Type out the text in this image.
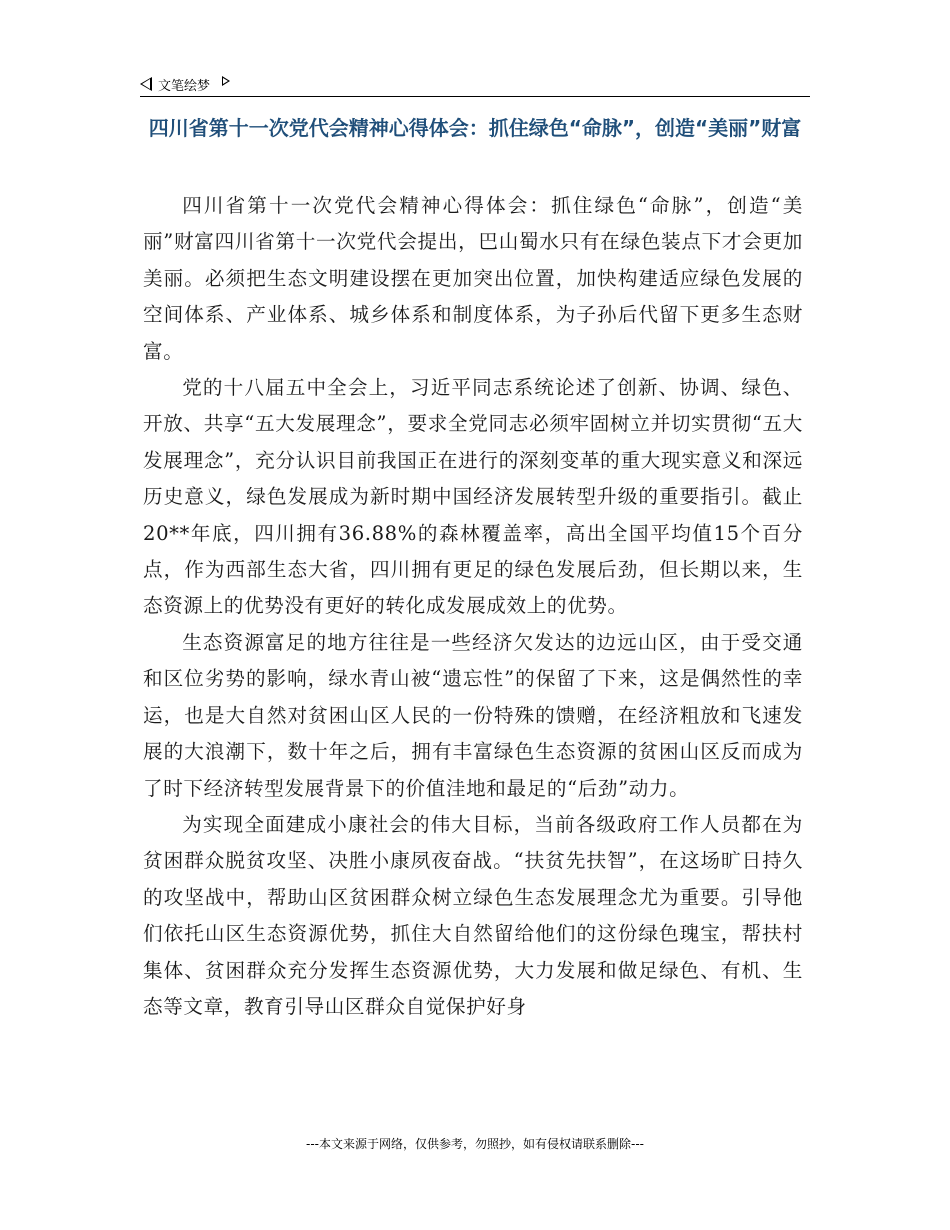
文笔绘梦
四川省第十一次党代会精神心得体会：抓住绿色“命脉”，创造“美丽”财富

四川省第十一次党代会精神心得体会：抓住绿色“命脉”，创造“美丽”财富四川省第十一次党代会提出，巴山蜀水只有在绿色装点下才会更加美丽。必须把生态文明建设摆在更加突出位置，加快构建适应绿色发展的空间体系、产业体系、城乡体系和制度体系，为子孙后代留下更多生态财富。

党的十八届五中全会上，习近平同志系统论述了创新、协调、绿色、开放、共享“五大发展理念”，要求全党同志必须牢固树立并切实贯彻“五大发展理念”，充分认识目前我国正在进行的深刻变革的重大现实意义和深远历史意义，绿色发展成为新时期中国经济发展转型升级的重要指引。截止20**年底，四川拥有36.88%的森林覆盖率，高出全国平均值15个百分点，作为西部生态大省，四川拥有更足的绿色发展后劲，但长期以来，生态资源上的优势没有更好的转化成发展成效上的优势。

生态资源富足的地方往往是一些经济欠发达的边远山区，由于受交通和区位劣势的影响，绿水青山被“遗忘性”的保留了下来，这是偶然性的幸运，也是大自然对贫困山区人民的一份特殊的馈赠，在经济粗放和飞速发展的大浪潮下，数十年之后，拥有丰富绿色生态资源的贫困山区反而成为了时下经济转型发展背景下的价值洼地和最足的“后劲”动力。

为实现全面建成小康社会的伟大目标，当前各级政府工作人员都在为贫困群众脱贫攻坚、决胜小康夙夜奋战。“扶贫先扶智”，在这场旷日持久的攻坚战中，帮助山区贫困群众树立绿色生态发展理念尤为重要。引导他们依托山区生态资源优势，抓住大自然留给他们的这份绿色瑰宝，帮扶村集体、贫困群众充分发挥生态资源优势，大力发展和做足绿色、有机、生态等文章，教育引导山区群众自觉保护好身

---本文来源于网络，仅供参考，勿照抄，如有侵权请联系删除---
